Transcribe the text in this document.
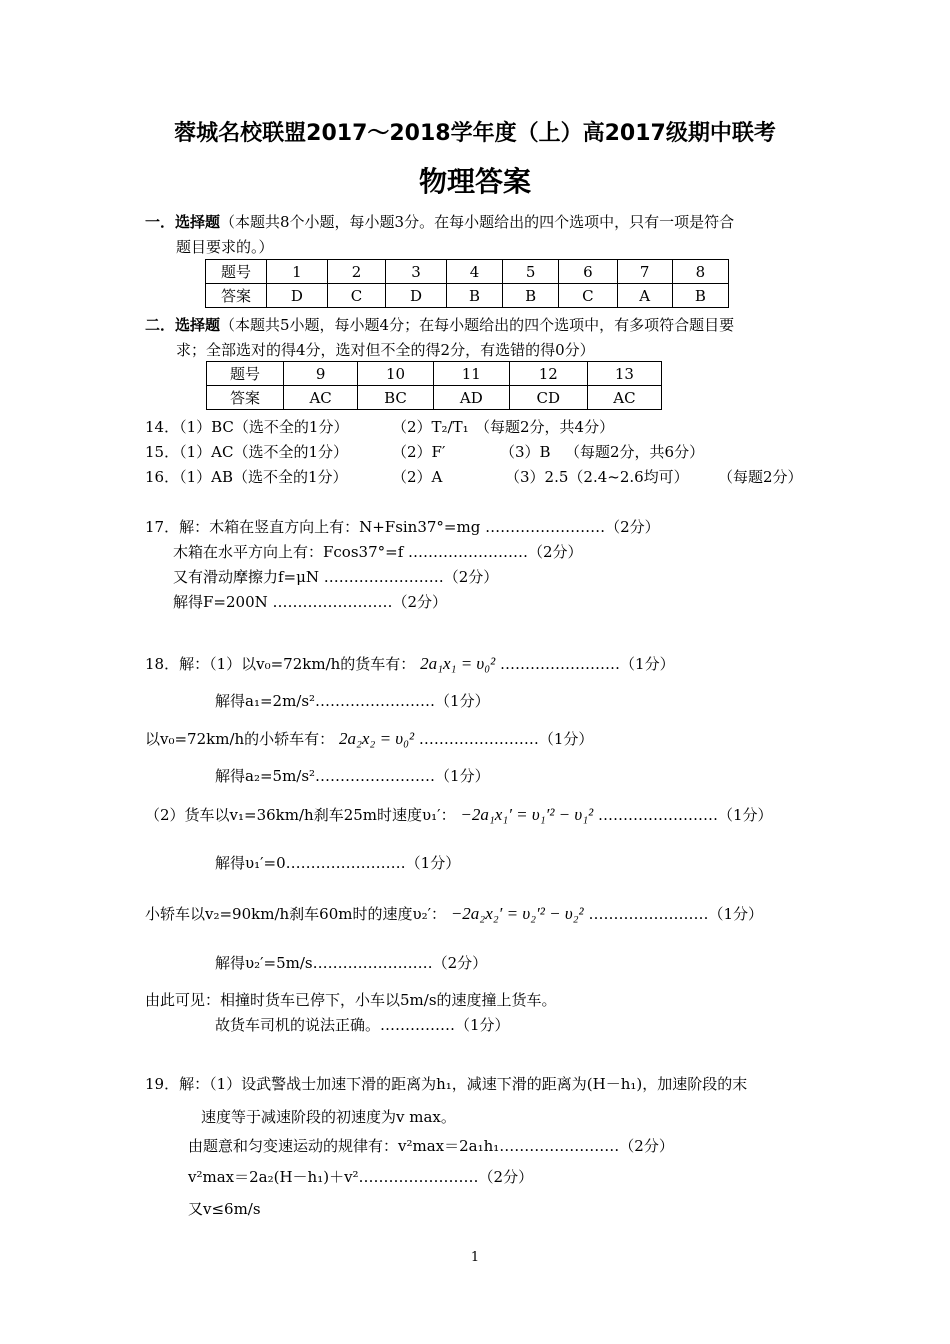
蓉城名校联盟2017～2018学年度（上）高2017级期中联考
物理答案
一．选择题（本题共8个小题，每小题3分。在每小题给出的四个选项中，只有一项是符合
题目要求的。）
题号	1	2	3	4	5	6	7	8
答案	D	C	D	B	B	C	A	B
二．选择题（本题共5小题，每小题4分；在每小题给出的四个选项中，有多项符合题目要
求；全部选对的得4分，选对但不全的得2分，有选错的得0分）
题号	9	10	11	12	13
答案	AC	BC	AD	CD	AC
14．（1）BC（选不全的1分）	（2）T₂/T₁ （每题2分，共4分）
15．（1）AC（选不全的1分）	（2）F′	（3）B （每题2分，共6分）
16．（1）AB（选不全的1分）	（2）A	（3）2.5（2.4~2.6均可） （每题2分）
17．解：木箱在竖直方向上有：N+Fsin37°=mg ……………………（2分）
木箱在水平方向上有：Fcos37°=f ……………………（2分）
又有滑动摩擦力f=μN ……………………（2分）
解得F=200N ……………………（2分）
18．解：（1）以v₀=72km/h的货车有： 2a₁x₁ = υ₀² ……………………（1分）
解得a₁=2m/s²……………………（1分）
以v₀=72km/h的小轿车有： 2a₂x₂ = υ₀² ……………………（1分）
解得a₂=5m/s²……………………（1分）
（2）货车以v₁=36km/h刹车25m时速度υ₁′： −2a₁x₁′ = υ₁′² − υ₁² ……………………（1分）
解得υ₁′=0……………………（1分）
小轿车以v₂=90km/h刹车60m时的速度υ₂′： −2a₂x₂′ = υ₂′² − υ₂² ……………………（1分）
解得υ₂′=5m/s……………………（2分）
由此可见：相撞时货车已停下，小车以5m/s的速度撞上货车。
故货车司机的说法正确。……………（1分）
19．解：（1）设武警战士加速下滑的距离为h₁，减速下滑的距离为(H－h₁)，加速阶段的末
速度等于减速阶段的初速度为v max。
由题意和匀变速运动的规律有：v²max＝2a₁h₁……………………（2分）
v²max＝2a₂(H－h₁)＋v²……………………（2分）
又v≤6m/s
1
